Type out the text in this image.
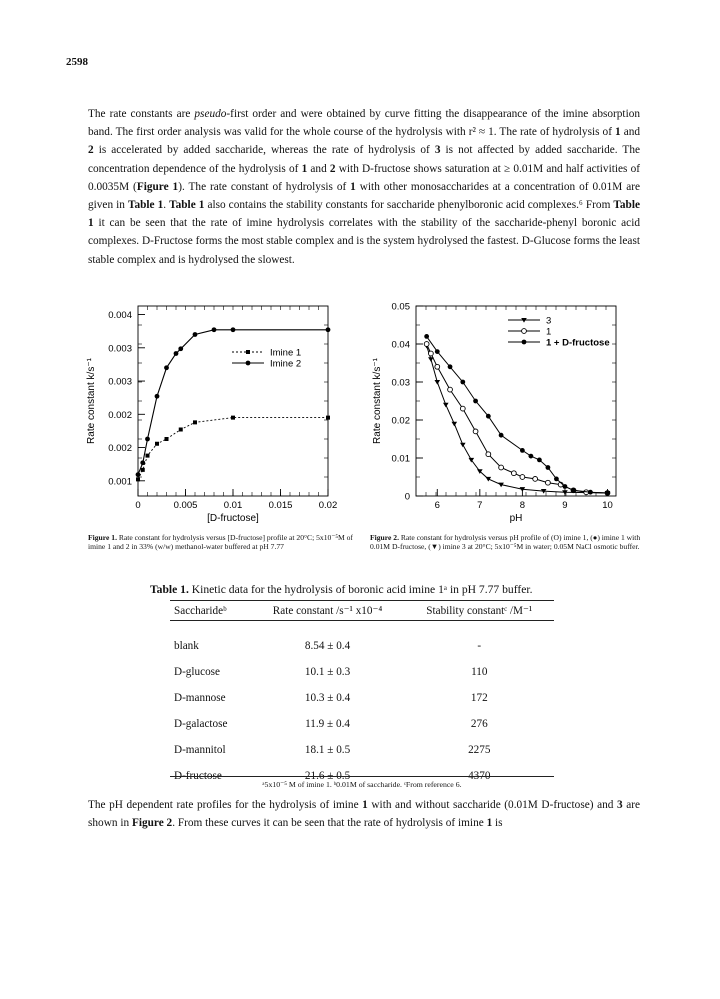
2598

The rate constants are pseudo-first order and were obtained by curve fitting the disappearance of the imine absorption band. The first order analysis was valid for the whole course of the hydrolysis with r² ≈ 1. The rate of hydrolysis of 1 and 2 is accelerated by added saccharide, whereas the rate of hydrolysis of 3 is not affected by added saccharide. The concentration dependence of the hydrolysis of 1 and 2 with D-fructose shows saturation at ≥ 0.01M and half activities of 0.0035M (Figure 1). The rate constant of hydrolysis of 1 with other monosaccharides at a concentration of 0.01M are given in Table 1. Table 1 also contains the stability constants for saccharide phenylboronic acid complexes.⁶ From Table 1 it can be seen that the rate of imine hydrolysis correlates with the stability of the saccharide-phenyl boronic acid complexes. D-Fructose forms the most stable complex and is the system hydrolysed the fastest. D-Glucose forms the least stable complex and is hydrolysed the slowest.

0	0.005	0.01	0.015	0.02
0.001
0.002
0.002
0.003
0.003
0.004
[D-fructose]
Rate constant k/s⁻¹
Imine 1
Imine 2
6	7	8	9	10
0
0.01
0.02
0.03
0.04
0.05
pH
Rate constant k/s⁻¹
3
1
1 + D-fructose

Figure 1. Rate constant for hydrolysis versus [D-fructose] profile at 20°C; 5x10⁻⁵M of imine 1 and 2 in 33% (w/w) methanol-water buffered at pH 7.77

Figure 2. Rate constant for hydrolysis versus pH profile of (O) imine 1, (●) imine 1 with 0.01M D-fructose, (▼) imine 3 at 20°C; 5x10⁻⁵M in water; 0.05M NaCl osmotic buffer.

Table 1. Kinetic data for the hydrolysis of boronic acid imine 1ᵃ in pH 7.77 buffer.
Saccharideᵇ	Rate constant /s⁻¹ x10⁻⁴	Stability constantᶜ /M⁻¹

blank	8.54 ± 0.4	-
D-glucose	10.1 ± 0.3	110
D-mannose	10.3 ± 0.4	172
D-galactose	11.9 ± 0.4	276
D-mannitol	18.1 ± 0.5	2275
D-fructose	21.6 ± 0.5	4370
ᵃ5x10⁻⁵ M of imine 1. ᵇ0.01M of saccharide. ᶜFrom reference 6.

The pH dependent rate profiles for the hydrolysis of imine 1 with and without saccharide (0.01M D-fructose) and 3 are shown in Figure 2. From these curves it can be seen that the rate of hydrolysis of imine 1 is
